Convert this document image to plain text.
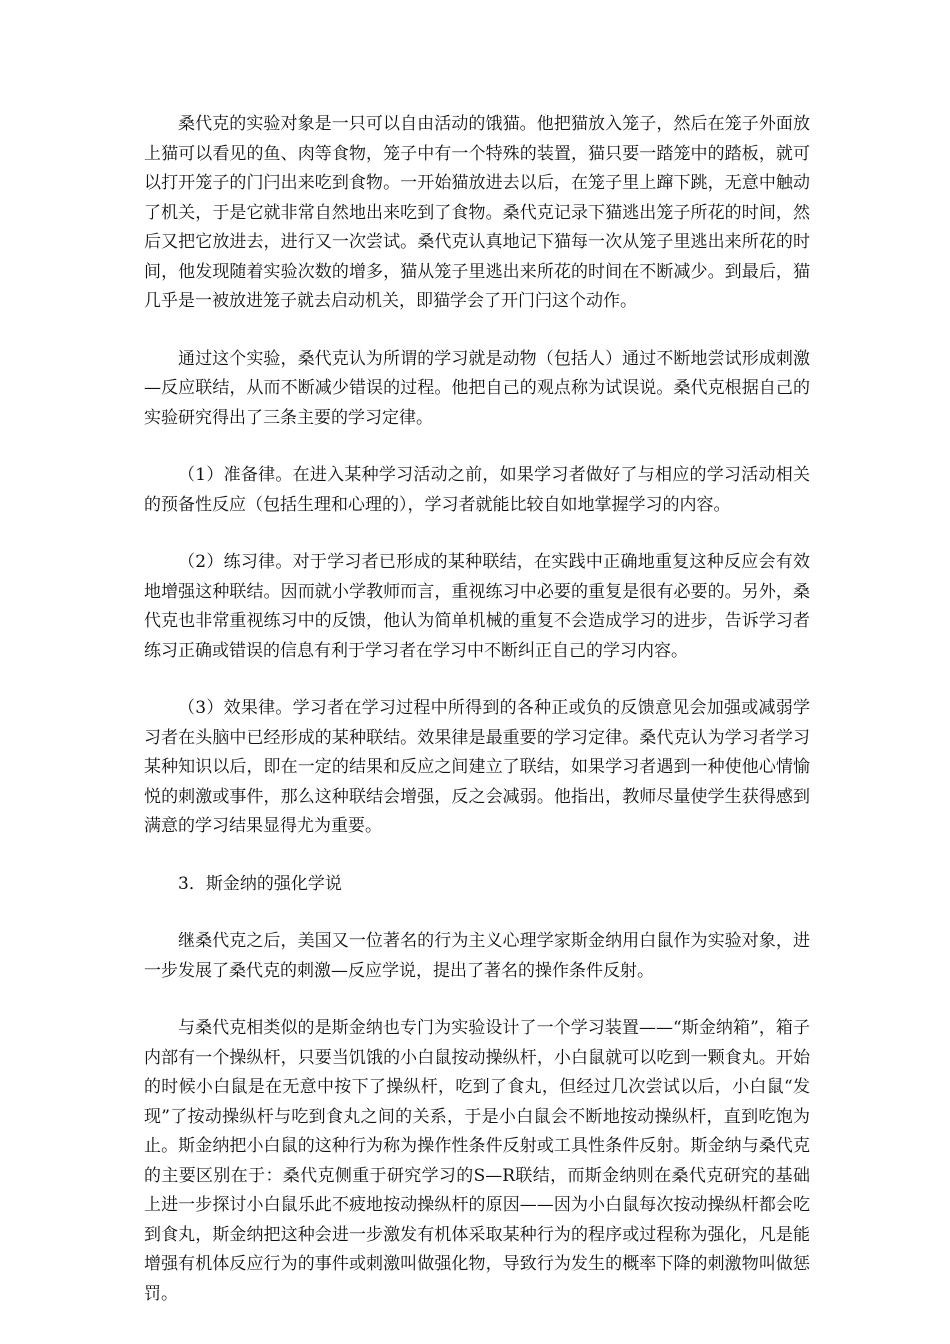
桑代克的实验对象是一只可以自由活动的饿猫。他把猫放入笼子，然后在笼子外面放上猫可以看见的鱼、肉等食物，笼子中有一个特殊的装置，猫只要一踏笼中的踏板，就可以打开笼子的门闩出来吃到食物。一开始猫放进去以后，在笼子里上蹿下跳，无意中触动了机关，于是它就非常自然地出来吃到了食物。桑代克记录下猫逃出笼子所花的时间，然后又把它放进去，进行又一次尝试。桑代克认真地记下猫每一次从笼子里逃出来所花的时间，他发现随着实验次数的增多，猫从笼子里逃出来所花的时间在不断减少。到最后，猫几乎是一被放进笼子就去启动机关，即猫学会了开门闩这个动作。

通过这个实验，桑代克认为所谓的学习就是动物（包括人）通过不断地尝试形成刺激—反应联结，从而不断减少错误的过程。他把自己的观点称为试误说。桑代克根据自己的实验研究得出了三条主要的学习定律。

（1）准备律。在进入某种学习活动之前，如果学习者做好了与相应的学习活动相关的预备性反应（包括生理和心理的），学习者就能比较自如地掌握学习的内容。

（2）练习律。对于学习者已形成的某种联结，在实践中正确地重复这种反应会有效地增强这种联结。因而就小学教师而言，重视练习中必要的重复是很有必要的。另外，桑代克也非常重视练习中的反馈，他认为简单机械的重复不会造成学习的进步，告诉学习者练习正确或错误的信息有利于学习者在学习中不断纠正自己的学习内容。

（3）效果律。学习者在学习过程中所得到的各种正或负的反馈意见会加强或减弱学习者在头脑中已经形成的某种联结。效果律是最重要的学习定律。桑代克认为学习者学习某种知识以后，即在一定的结果和反应之间建立了联结，如果学习者遇到一种使他心情愉悦的刺激或事件，那么这种联结会增强，反之会减弱。他指出，教师尽量使学生获得感到满意的学习结果显得尤为重要。

3．斯金纳的强化学说

继桑代克之后，美国又一位著名的行为主义心理学家斯金纳用白鼠作为实验对象，进一步发展了桑代克的刺激—反应学说，提出了著名的操作条件反射。

与桑代克相类似的是斯金纳也专门为实验设计了一个学习装置——“斯金纳箱”，箱子内部有一个操纵杆，只要当饥饿的小白鼠按动操纵杆，小白鼠就可以吃到一颗食丸。开始的时候小白鼠是在无意中按下了操纵杆，吃到了食丸，但经过几次尝试以后，小白鼠“发现”了按动操纵杆与吃到食丸之间的关系，于是小白鼠会不断地按动操纵杆，直到吃饱为止。斯金纳把小白鼠的这种行为称为操作性条件反射或工具性条件反射。斯金纳与桑代克的主要区别在于：桑代克侧重于研究学习的S—R联结，而斯金纳则在桑代克研究的基础上进一步探讨小白鼠乐此不疲地按动操纵杆的原因——因为小白鼠每次按动操纵杆都会吃到食丸，斯金纳把这种会进一步激发有机体采取某种行为的程序或过程称为强化，凡是能增强有机体反应行为的事件或刺激叫做强化物，导致行为发生的概率下降的刺激物叫做惩罚。
